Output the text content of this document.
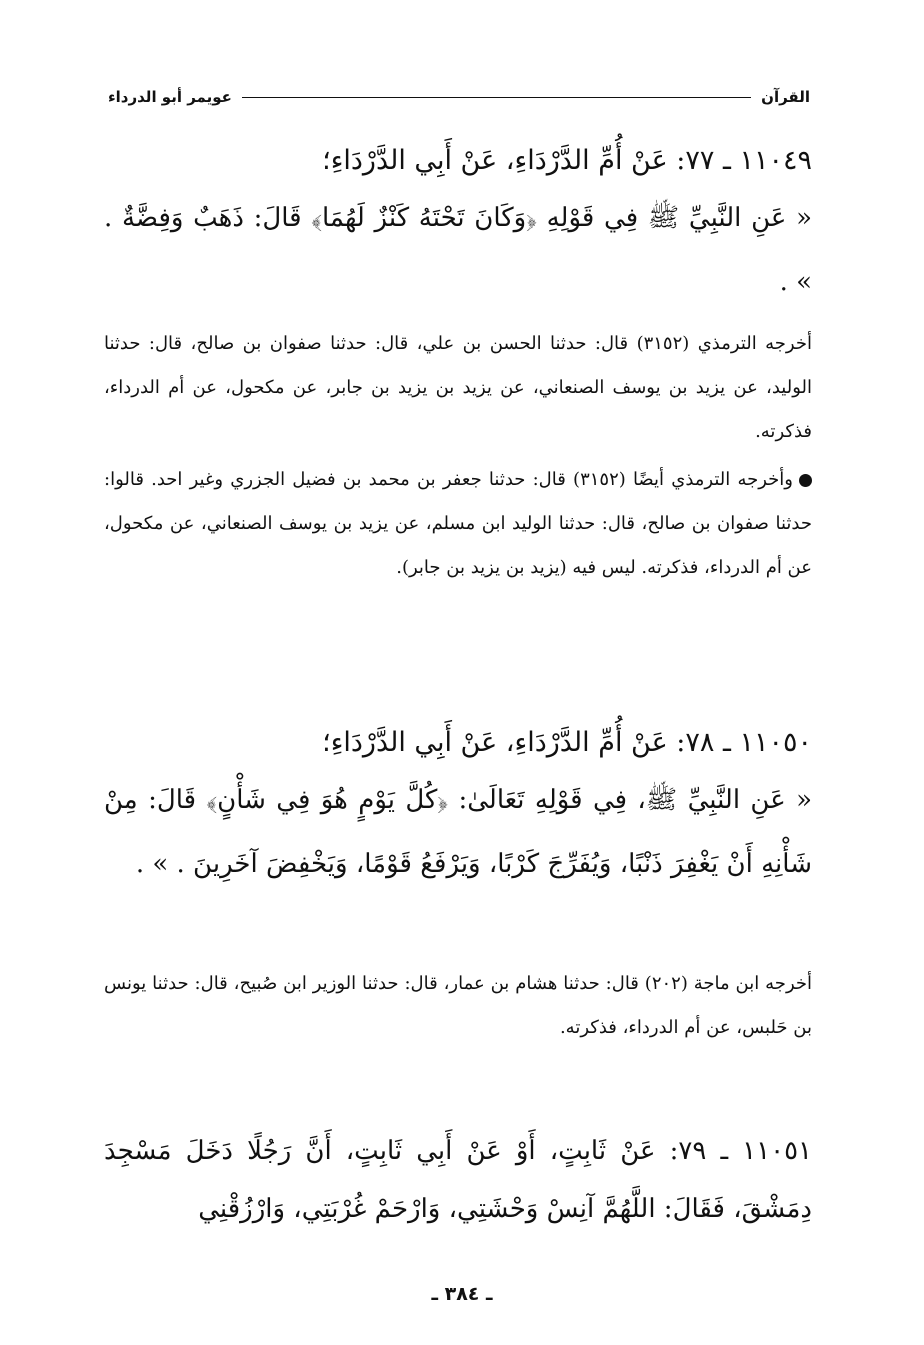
القرآن
عويمر أبو الدرداء
١١٠٤٩ ـ ٧٧: عَنْ أُمِّ الدَّرْدَاءِ، عَنْ أَبِي الدَّرْدَاءِ؛
« عَنِ النَّبِيِّ ﷺ فِي قَوْلِهِ ﴿وَكَانَ تَحْتَهُ كَنْزٌ لَهُمَا﴾ قَالَ: ذَهَبٌ وَفِضَّةٌ . » .
أخرجه الترمذي (٣١٥٢) قال: حدثنا الحسن بن علي، قال: حدثنا صفوان بن صالح، قال: حدثنا الوليد، عن يزيد بن يوسف الصنعاني، عن يزيد بن يزيد بن جابر، عن مكحول، عن أم الدرداء، فذكرته.
وأخرجه الترمذي أيضًا (٣١٥٢) قال: حدثنا جعفر بن محمد بن فضيل الجزري وغير احد. قالوا: حدثنا صفوان بن صالح، قال: حدثنا الوليد ابن مسلم، عن يزيد بن يوسف الصنعاني، عن مكحول، عن أم الدرداء، فذكرته. ليس فيه (يزيد بن يزيد بن جابر).
١١٠٥٠ ـ ٧٨: عَنْ أُمِّ الدَّرْدَاءِ، عَنْ أَبِي الدَّرْدَاءِ؛
« عَنِ النَّبِيِّ ﷺ، فِي قَوْلِهِ تَعَالَىٰ: ﴿كُلَّ يَوْمٍ هُوَ فِي شَأْنٍ﴾ قَالَ: مِنْ شَأْنِهِ أَنْ يَغْفِرَ ذَنْبًا، وَيُفَرِّجَ كَرْبًا، وَيَرْفَعُ قَوْمًا، وَيَخْفِضَ آخَرِينَ . » .
أخرجه ابن ماجة (٢٠٢) قال: حدثنا هشام بن عمار، قال: حدثنا الوزير ابن صُبيح، قال: حدثنا يونس بن حَلبس، عن أم الدرداء، فذكرته.
١١٠٥١ ـ ٧٩: عَنْ ثَابِتٍ، أَوْ عَنْ أَبِي ثَابِتٍ، أَنَّ رَجُلًا دَخَلَ مَسْجِدَ دِمَشْقَ، فَقَالَ: اللَّهُمَّ آنِسْ وَحْشَتِي، وَارْحَمْ غُرْبَتِي، وَارْزُقْنِي
ـ ٣٨٤ ـ
